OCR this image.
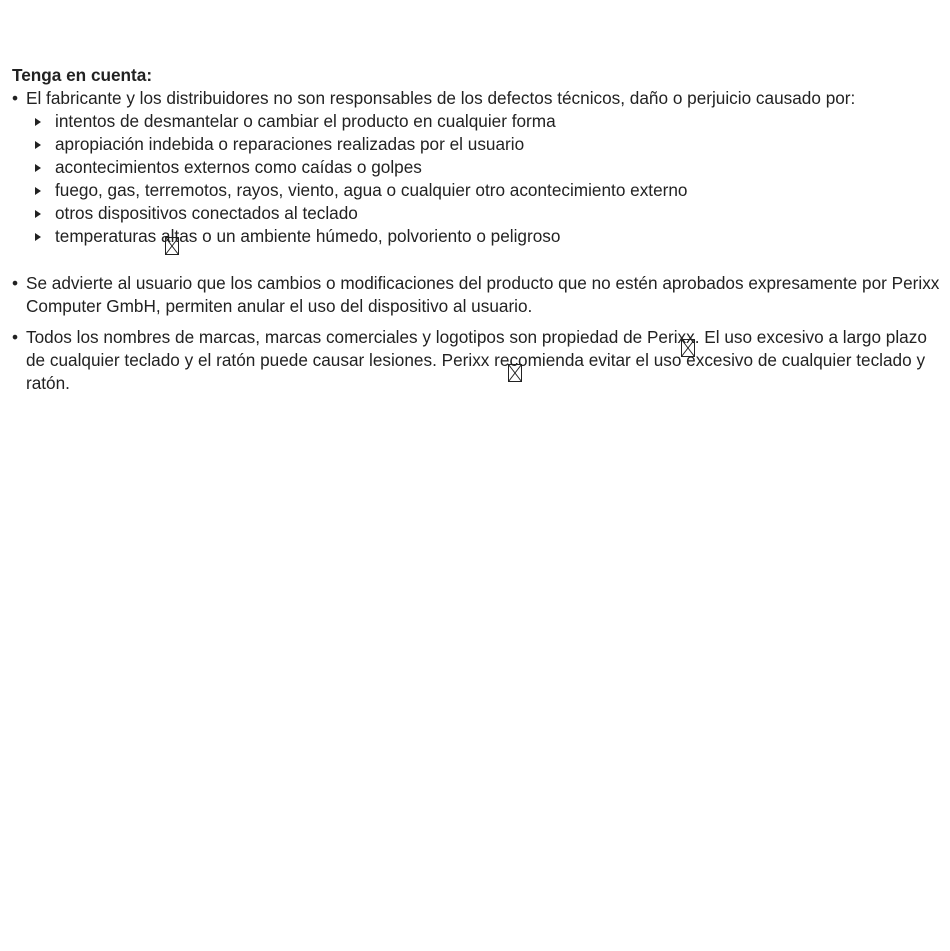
Tenga en cuenta:
• El fabricante y los distribuidores no son responsables de los defectos técnicos, daño o perjuicio causado por:
intentos de desmantelar o cambiar el producto en cualquier forma
apropiación indebida o reparaciones realizadas por el usuario
acontecimientos externos como caídas o golpes
fuego, gas, terremotos, rayos, viento, agua o cualquier otro acontecimiento externo
otros dispositivos conectados al teclado
temperaturas altas o un ambiente húmedo, polvoriento o peligroso
• Se advierte al usuario que los cambios o modificaciones del producto que no estén aprobados expresamente por Perixx Computer GmbH, permiten anular el uso del dispositivo al usuario.
• Todos los nombres de marcas, marcas comerciales y logotipos son propiedad de Perixx. El uso excesivo a largo plazo de cualquier teclado y el ratón puede causar lesiones. Perixx recomienda evitar el uso excesivo de cualquier teclado y ratón.
